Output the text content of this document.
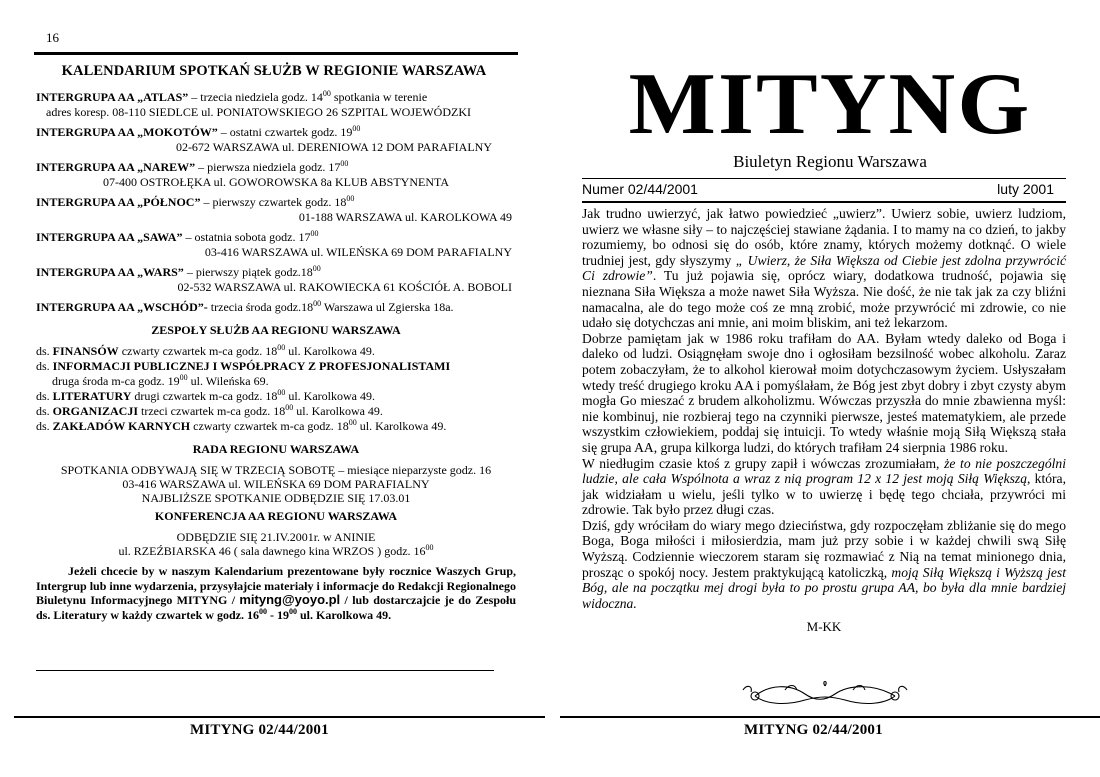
16
KALENDARIUM SPOTKAŃ SŁUŻB W REGIONIE WARSZAWA
INTERGRUPA AA „ATLAS” – trzecia niedziela godz. $14^{00}$ spotkania w terenie
adres koresp. 08-110 SIEDLCE ul. PONIATOWSKIEGO 26 SZPITAL WOJEWÓDZKI
INTERGRUPA AA „MOKOTÓW” – ostatni czwartek godz. $19^{00}$
02-672 WARSZAWA ul. DERENIOWA 12 DOM PARAFIALNY
INTERGRUPA AA „NAREW” – pierwsza niedziela godz. $17^{00}$
07-400 OSTROŁĘKA ul. GOWOROWSKA 8a KLUB ABSTYNENTA
INTERGRUPA AA „PÓŁNOC” – pierwszy czwartek godz. $18^{00}$
01-188 WARSZAWA ul. KAROLKOWA 49
INTERGRUPA AA „SAWA” – ostatnia sobota godz. $17^{00}$
03-416 WARSZAWA ul. WILEŃSKA 69 DOM PARAFIALNY
INTERGRUPA AA „WARS” – pierwszy piątek $godz.18^{00}$
02-532 WARSZAWA ul. RAKOWIECKA 61 KOŚCIÓŁ A. BOBOLI
INTERGRUPA AA „WSCHÓD”- trzecia środa $godz.18^{00}$ Warszawa ul Zgierska 18a.
ZESPOŁY SŁUŻB AA REGIONU WARSZAWA
ds. FINANSÓW czwarty czwartek m-ca godz. $18^{00}$ ul. Karolkowa 49.
ds. INFORMACJI PUBLICZNEJ I WSPÓŁPRACY Z PROFESJONALISTAMI
druga środa m-ca godz. $19^{00}$ ul. Wileńska 69.
ds. LITERATURY drugi czwartek m-ca godz. $18^{00}$ ul. Karolkowa 49.
ds. ORGANIZACJI trzeci czwartek m-ca godz. $18^{00}$ ul. Karolkowa 49.
ds. ZAKŁADÓW KARNYCH czwarty czwartek m-ca godz. $18^{00}$ ul. Karolkowa 49.
RADA REGIONU WARSZAWA
SPOTKANIA ODBYWAJĄ SIĘ W TRZECIĄ SOBOTĘ – miesiące nieparzyste godz. 16
03-416 WARSZAWA ul. WILEŃSKA 69 DOM PARAFIALNY
NAJBLIŻSZE SPOTKANIE ODBĘDZIE SIĘ 17.03.01
KONFERENCJA AA REGIONU WARSZAWA
ODBĘDZIE SIĘ 21.IV.2001r. w ANINIE
ul. RZEŹBIARSKA 46 ( sala dawnego kina WRZOS ) godz. $16^{00}$
Jeżeli chcecie by w naszym Kalendarium prezentowane były rocznice Waszych Grup, Intergrup lub inne wydarzenia, przysyłajcie materiały i informacje do Redakcji Regionalnego Biuletynu Informacyjnego MITYNG / mityng@yoyo.pl / lub dostarczajcie je do Zespołu ds. Literatury w każdy czwartek w godz. $16^{00} - 19^{00}$ ul. Karolkowa 49.
MITYNG 02/44/2001
MITYNG
Biuletyn Regionu Warszawa
Numer 02/44/2001	luty 2001

Jak trudno uwierzyć, jak łatwo powiedzieć „uwierz”. Uwierz sobie, uwierz ludziom, uwierz we własne siły – to najczęściej stawiane żądania. I to mamy na co dzień, to jakby rozumiemy, bo odnosi się do osób, które znamy, których możemy dotknąć. O wiele trudniej jest, gdy słyszymy „ Uwierz, że Siła Większa od Ciebie jest zdolna przywrócić Ci zdrowie”. Tu już pojawia się, oprócz wiary, dodatkowa trudność, pojawia się nieznana Siła Większa a może nawet Siła Wyższa. Nie dość, że nie tak jak za czy bliźni namacalna, ale do tego może coś ze mną zrobić, może przywrócić mi zdrowie, co nie udało się dotychczas ani mnie, ani moim bliskim, ani też lekarzom.

Dobrze pamiętam jak w 1986 roku trafiłam do AA. Byłam wtedy daleko od Boga i daleko od ludzi. Osiągnęłam swoje dno i ogłosiłam bezsilność wobec alkoholu. Zaraz potem zobaczyłam, że to alkohol kierował moim dotychczasowym życiem. Usłyszałam wtedy treść drugiego kroku AA i pomyślałam, że Bóg jest zbyt dobry i zbyt czysty abym mogła Go mieszać z brudem alkoholizmu. Wówczas przyszła do mnie zbawienna myśl: nie kombinuj, nie rozbieraj tego na czynniki pierwsze, jesteś matematykiem, ale przede wszystkim człowiekiem, poddaj się intuicji. To wtedy właśnie moją Siłą Większą stała się grupa AA, grupa kilkorga ludzi, do których trafiłam 24 sierpnia 1986 roku.

W niedługim czasie ktoś z grupy zapił i wówczas zrozumiałam, że to nie poszczególni ludzie, ale cała Wspólnota a wraz z nią program 12 x 12 jest moją Siłą Większą, która, jak widziałam u wielu, jeśli tylko w to uwierzę i będę tego chciała, przywróci mi zdrowie. Tak było przez długi czas.

Dziś, gdy wróciłam do wiary mego dzieciństwa, gdy rozpoczęłam zbliżanie się do mego Boga, Boga miłości i miłosierdzia, mam już przy sobie i w każdej chwili swą Siłę Wyższą. Codziennie wieczorem staram się rozmawiać z Nią na temat minionego dnia, prosząc o spokój nocy. Jestem praktykującą katoliczką, moją Siłą Większą i Wyższą jest Bóg, ale na początku mej drogi była to po prostu grupa AA, bo była dla mnie bardziej widoczna.

M-KK
MITYNG 02/44/2001
